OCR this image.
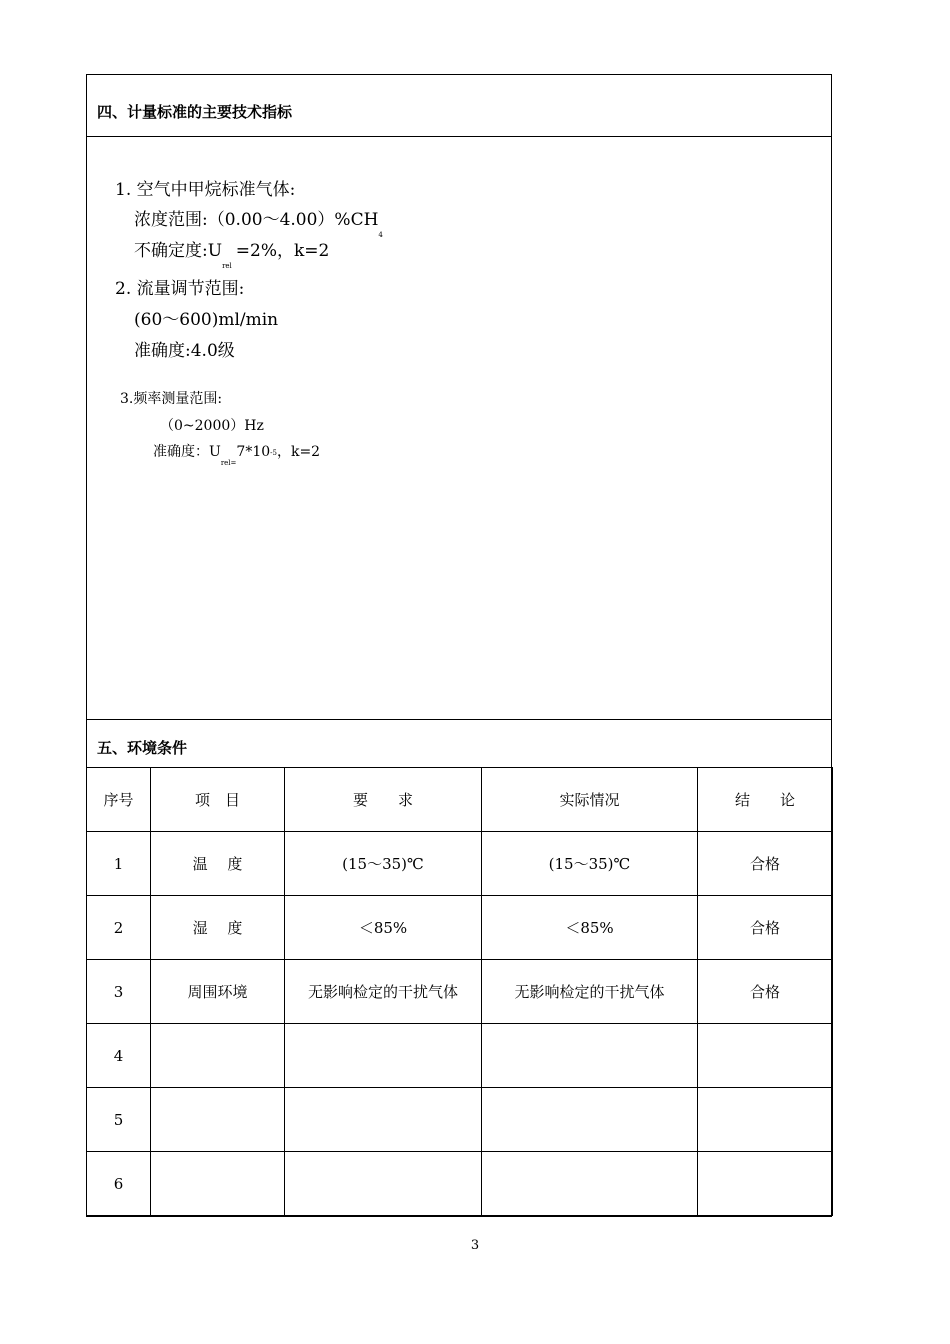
四、计量标准的主要技术指标
1. 空气中甲烷标准气体:
浓度范围$:(0.00\sim 4.00)\%CH_4$
不确定度$:U_{rel}=2\%$，k=2
2. 流量调节范围:
(60～600)ml/min
准确度:4.0级
3.频率测量范围:
（0~2000）Hz
准确度：$U_{rel=}7*10-5$，k=2
五、环境条件
序号	项　目	要　　求	实际情况	结　　论
1	温　 度	(15～35)℃	(15～35)℃	合格
2	湿　 度	＜85%	＜85%	合格
3	周围环境	无影响检定的干扰气体	无影响检定的干扰气体	合格
4				
5				
6				
3
